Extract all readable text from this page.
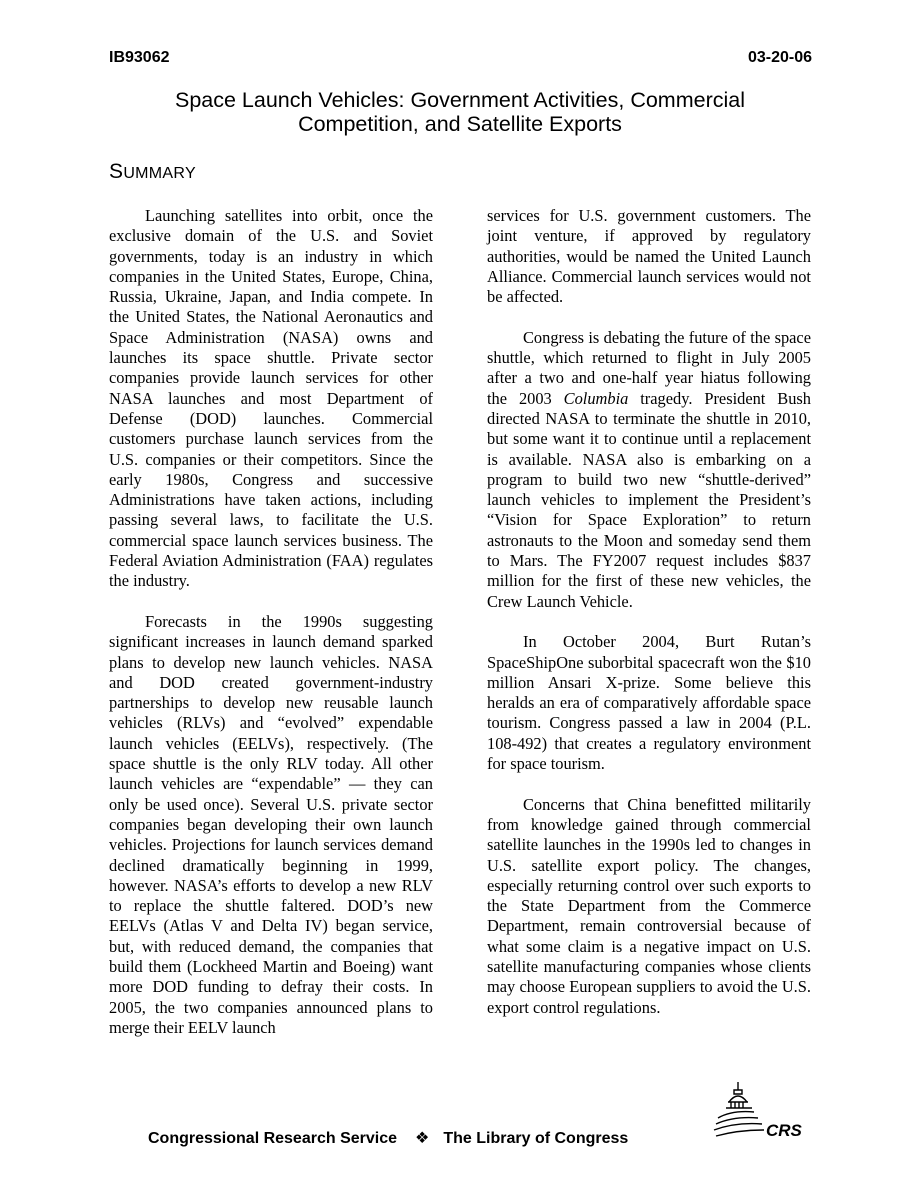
IB93062	03-20-06
Space Launch Vehicles: Government Activities, Commercial
Competition, and Satellite Exports
SUMMARY

Launching satellites into orbit, once the exclusive domain of the U.S. and Soviet governments, today is an industry in which companies in the United States, Europe, China, Russia, Ukraine, Japan, and India compete. In the United States, the National Aeronautics and Space Administration (NASA) owns and launches its space shuttle. Private sector companies provide launch services for other NASA launches and most Department of Defense (DOD) launches. Commercial customers purchase launch services from the U.S. companies or their competitors. Since the early 1980s, Congress and successive Administrations have taken actions, including passing several laws, to facilitate the U.S. commercial space launch services business. The Federal Aviation Administration (FAA) regulates the industry.

Forecasts in the 1990s suggesting significant increases in launch demand sparked plans to develop new launch vehicles. NASA and DOD created government-industry partnerships to develop new reusable launch vehicles (RLVs) and “evolved” expendable launch vehicles (EELVs), respectively. (The space shuttle is the only RLV today. All other launch vehicles are “expendable” — they can only be used once). Several U.S. private sector companies began developing their own launch vehicles. Projections for launch services demand declined dramatically beginning in 1999, however. NASA’s efforts to develop a new RLV to replace the shuttle faltered. DOD’s new EELVs (Atlas V and Delta IV) began service, but, with reduced demand, the companies that build them (Lockheed Martin and Boeing) want more DOD funding to defray their costs. In 2005, the two companies announced plans to merge their EELV launch

services for U.S. government customers. The joint venture, if approved by regulatory authorities, would be named the United Launch Alliance. Commercial launch services would not be affected.

Congress is debating the future of the space shuttle, which returned to flight in July 2005 after a two and one-half year hiatus following the 2003 Columbia tragedy. President Bush directed NASA to terminate the shuttle in 2010, but some want it to continue until a replacement is available. NASA also is embarking on a program to build two new “shuttle-derived” launch vehicles to implement the President’s “Vision for Space Exploration” to return astronauts to the Moon and someday send them to Mars. The FY2007 request includes $837 million for the first of these new vehicles, the Crew Launch Vehicle.

In October 2004, Burt Rutan’s SpaceShipOne suborbital spacecraft won the $10 million Ansari X-prize. Some believe this heralds an era of comparatively affordable space tourism. Congress passed a law in 2004 (P.L. 108-492) that creates a regulatory environment for space tourism.

Concerns that China benefitted militarily from knowledge gained through commercial satellite launches in the 1990s led to changes in U.S. satellite export policy. The changes, especially returning control over such exports to the State Department from the Commerce Department, remain controversial because of what some claim is a negative impact on U.S. satellite manufacturing companies whose clients may choose European suppliers to avoid the U.S. export control regulations.

Congressional Research Service ❖ The Library of Congress	CRS
